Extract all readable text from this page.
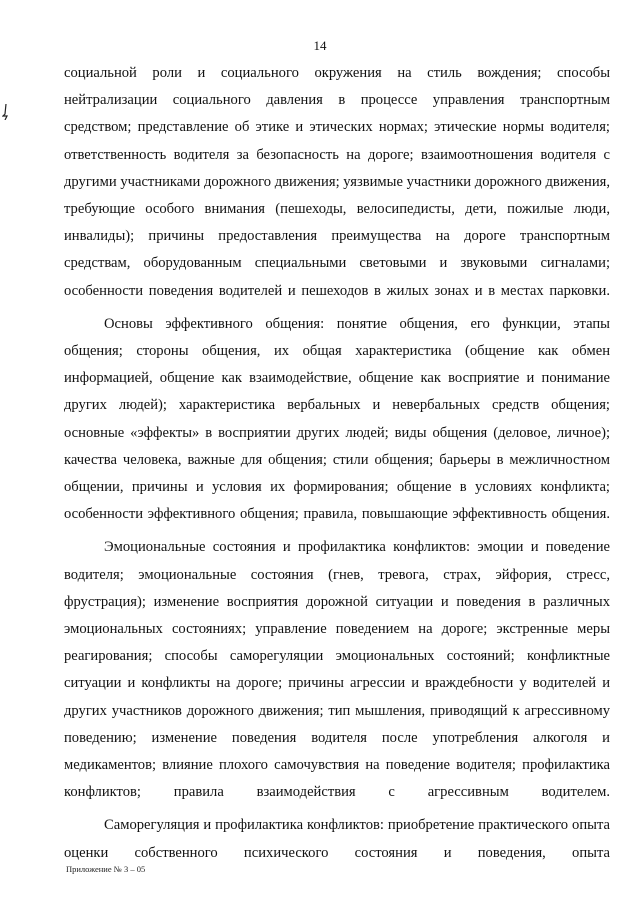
14

социальной роли и социального окружения на стиль вождения; способы нейтрализации социального давления в процессе управления транспортным средством; представление об этике и этических нормах; этические нормы водителя; ответственность водителя за безопасность на дороге; взаимоотношения водителя с другими участниками дорожного движения; уязвимые участники дорожного движения, требующие особого внимания (пешеходы, велосипедисты, дети, пожилые люди, инвалиды); причины предоставления преимущества на дороге транспортным средствам, оборудованным специальными световыми и звуковыми сигналами; особенности поведения водителей и пешеходов в жилых зонах и в местах парковки.

Основы эффективного общения: понятие общения, его функции, этапы общения; стороны общения, их общая характеристика (общение как обмен информацией, общение как взаимодействие, общение как восприятие и понимание других людей); характеристика вербальных и невербальных средств общения; основные «эффекты» в восприятии других людей; виды общения (деловое, личное); качества человека, важные для общения; стили общения; барьеры в межличностном общении, причины и условия их формирования; общение в условиях конфликта; особенности эффективного общения; правила, повышающие эффективность общения.

Эмоциональные состояния и профилактика конфликтов: эмоции и поведение водителя; эмоциональные состояния (гнев, тревога, страх, эйфория, стресс, фрустрация); изменение восприятия дорожной ситуации и поведения в различных эмоциональных состояниях; управление поведением на дороге; экстренные меры реагирования; способы саморегуляции эмоциональных состояний; конфликтные ситуации и конфликты на дороге; причины агрессии и враждебности у водителей и других участников дорожного движения; тип мышления, приводящий к агрессивному поведению; изменение поведения водителя после употребления алкоголя и медикаментов; влияние плохого самочувствия на поведение водителя; профилактика конфликтов; правила взаимодействия с агрессивным водителем.

Саморегуляция и профилактика конфликтов: приобретение практического опыта оценки собственного психического состояния и поведения, опыта

Приложение № 3 – 05
